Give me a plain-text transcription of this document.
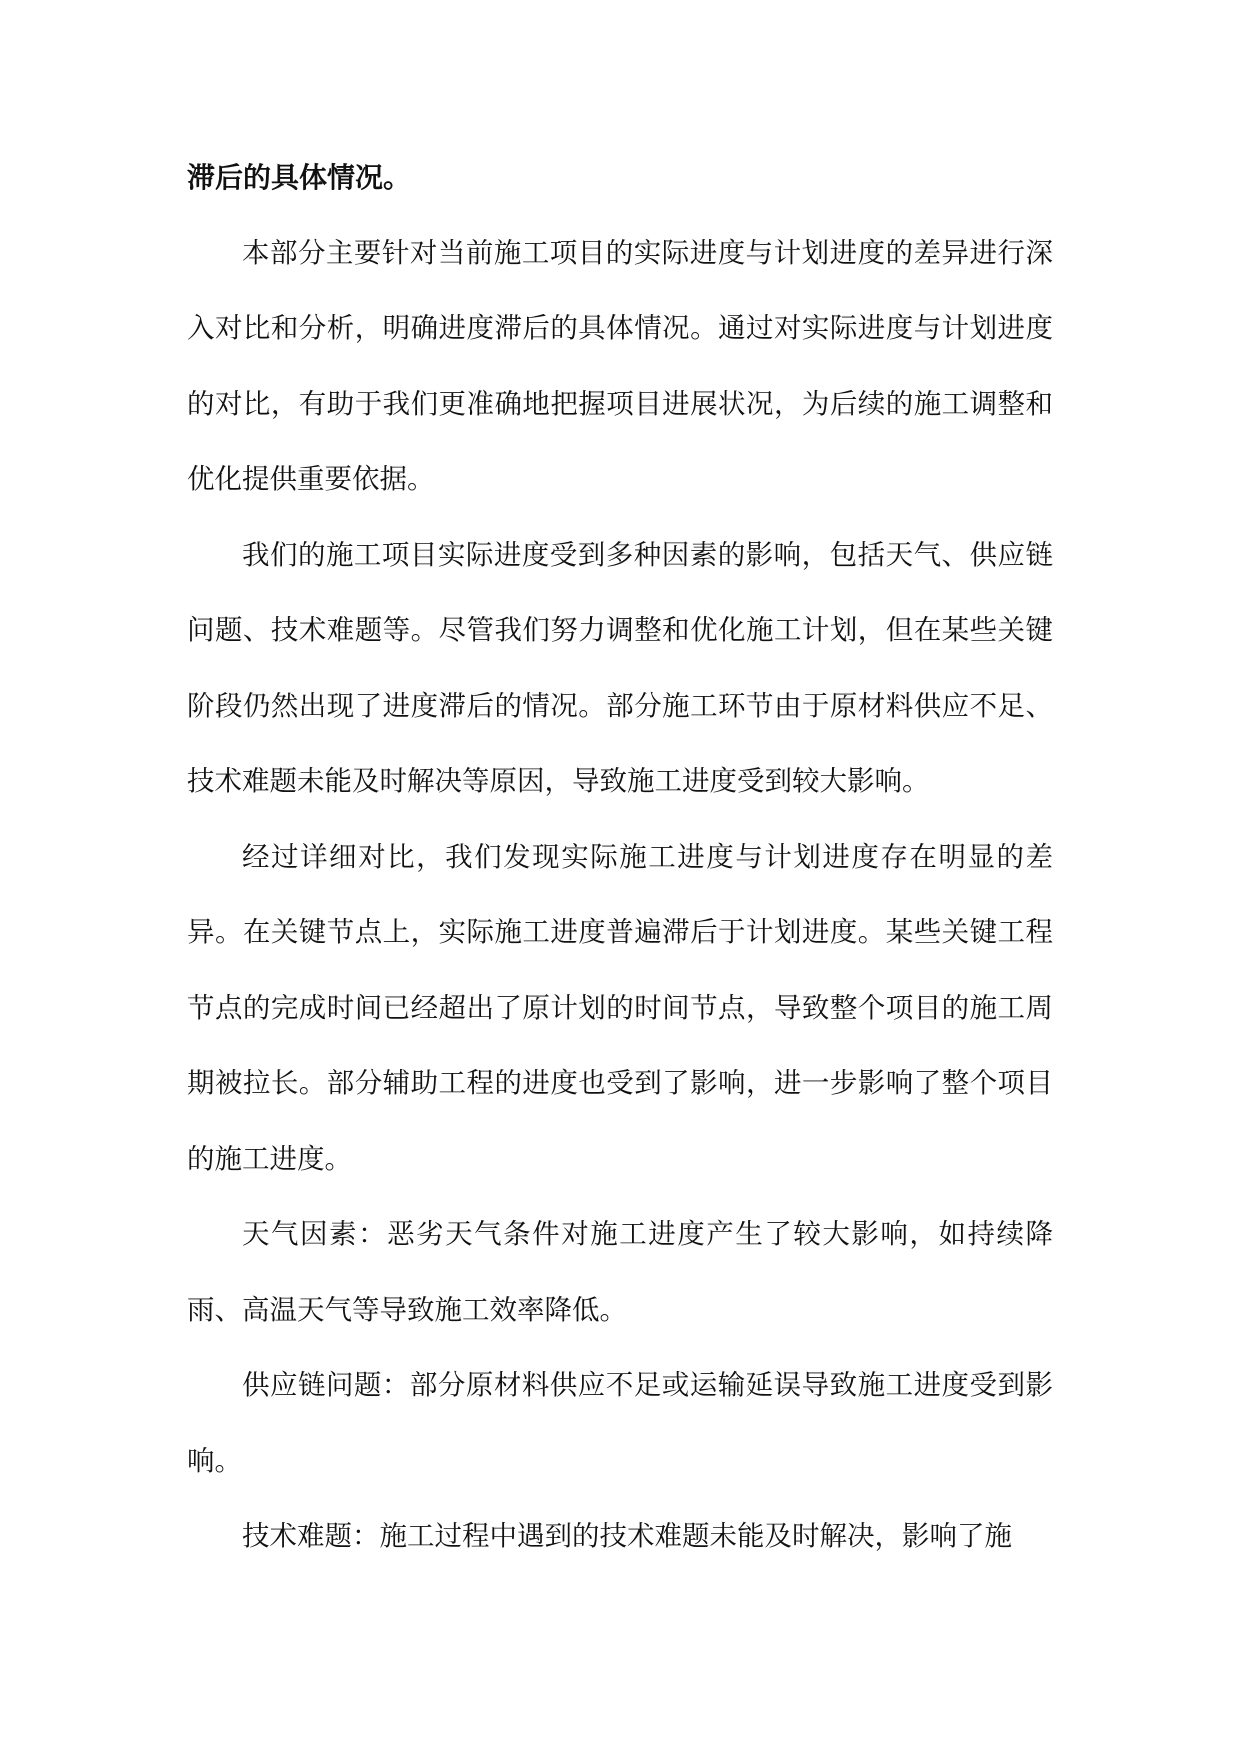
滞后的具体情况。

本部分主要针对当前施工项目的实际进度与计划进度的差异进行深入对比和分析，明确进度滞后的具体情况。通过对实际进度与计划进度的对比，有助于我们更准确地把握项目进展状况，为后续的施工调整和优化提供重要依据。

我们的施工项目实际进度受到多种因素的影响，包括天气、供应链问题、技术难题等。尽管我们努力调整和优化施工计划，但在某些关键阶段仍然出现了进度滞后的情况。部分施工环节由于原材料供应不足、技术难题未能及时解决等原因，导致施工进度受到较大影响。

经过详细对比，我们发现实际施工进度与计划进度存在明显的差异。在关键节点上，实际施工进度普遍滞后于计划进度。某些关键工程节点的完成时间已经超出了原计划的时间节点，导致整个项目的施工周期被拉长。部分辅助工程的进度也受到了影响，进一步影响了整个项目的施工进度。

天气因素：恶劣天气条件对施工进度产生了较大影响，如持续降雨、高温天气等导致施工效率降低。

供应链问题：部分原材料供应不足或运输延误导致施工进度受到影响。

技术难题：施工过程中遇到的技术难题未能及时解决，影响了施
